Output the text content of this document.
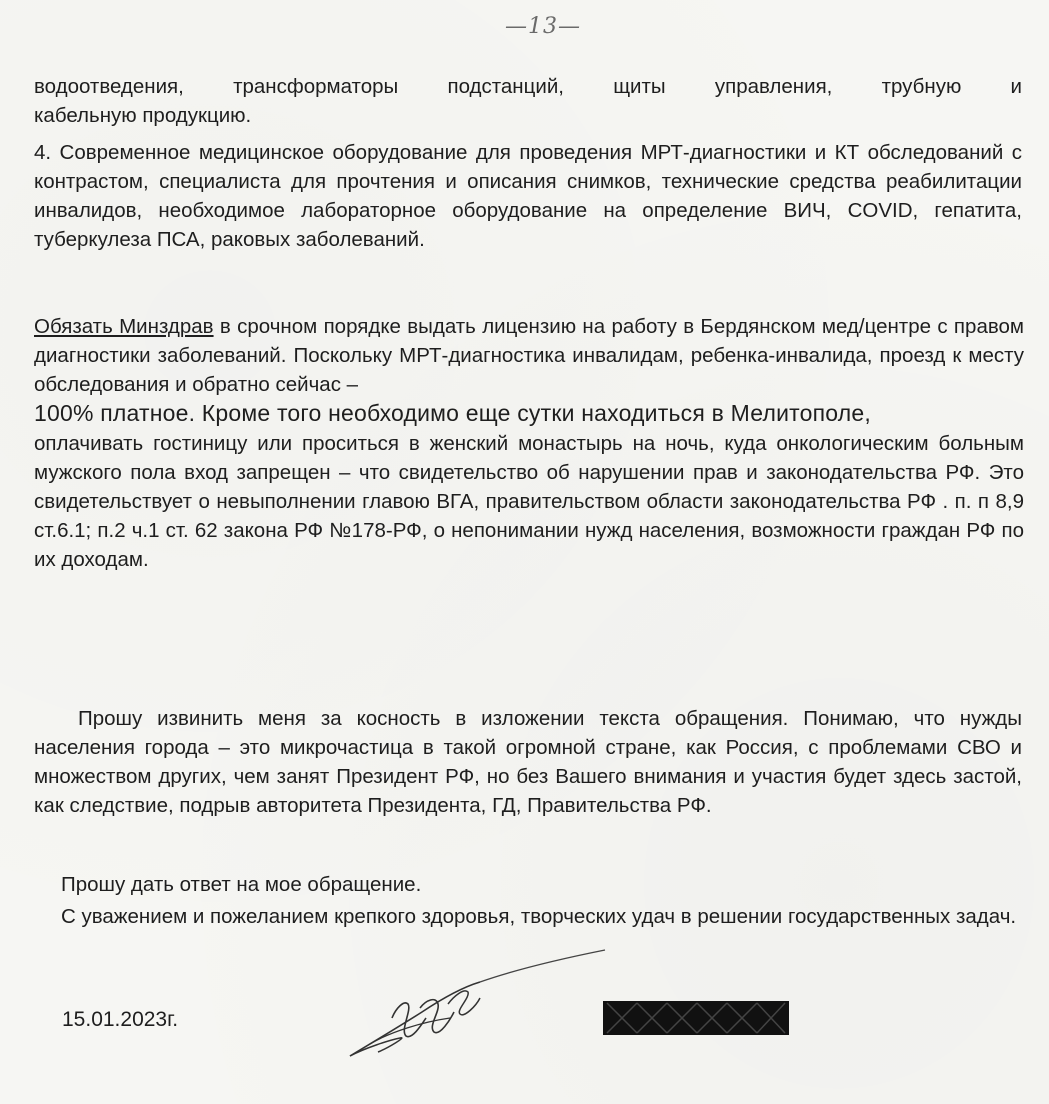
—13—

водоотведения, трансформаторы подстанций, щиты управления, трубную и

кабельную продукцию.

4. Современное медицинское оборудование для проведения МРТ-диагностики и КТ обследований с контрастом, специалиста для прочтения и описания снимков, технические средства реабилитации инвалидов, необходимое лабораторное оборудование на определение ВИЧ, COVID, гепатита, туберкулеза ПСА, раковых заболеваний.

Обязать Минздрав в срочном порядке выдать лицензию на работу в Бердянском мед/центре с правом диагностики заболеваний. Поскольку МРТ-диагностика инвалидам, ребенка-инвалида, проезд к месту обследования и обратно сейчас –
100% платное. Кроме того необходимо еще сутки находиться в Мелитополе,
оплачивать гостиницу или проситься в женский монастырь на ночь, куда онкологическим больным мужского пола вход запрещен – что свидетельство об нарушении прав и законодательства РФ. Это свидетельствует о невыполнении главою ВГА, правительством области законодательства РФ . п. п 8,9 ст.6.1; п.2 ч.1 ст. 62 закона РФ №178-РФ, о непонимании нужд населения, возможности граждан РФ по их доходам.

Прошу извинить меня за косность в изложении текста обращения. Понимаю, что нужды населения города – это микрочастица в такой огромной стране, как Россия, с проблемами СВО и множеством других, чем занят Президент РФ, но без Вашего внимания и участия будет здесь застой, как следствие, подрыв авторитета Президента, ГД, Правительства РФ.

Прошу дать ответ на мое обращение.

С уважением и пожеланием крепкого здоровья, творческих удач в решении государственных задач.

15.01.2023г.
